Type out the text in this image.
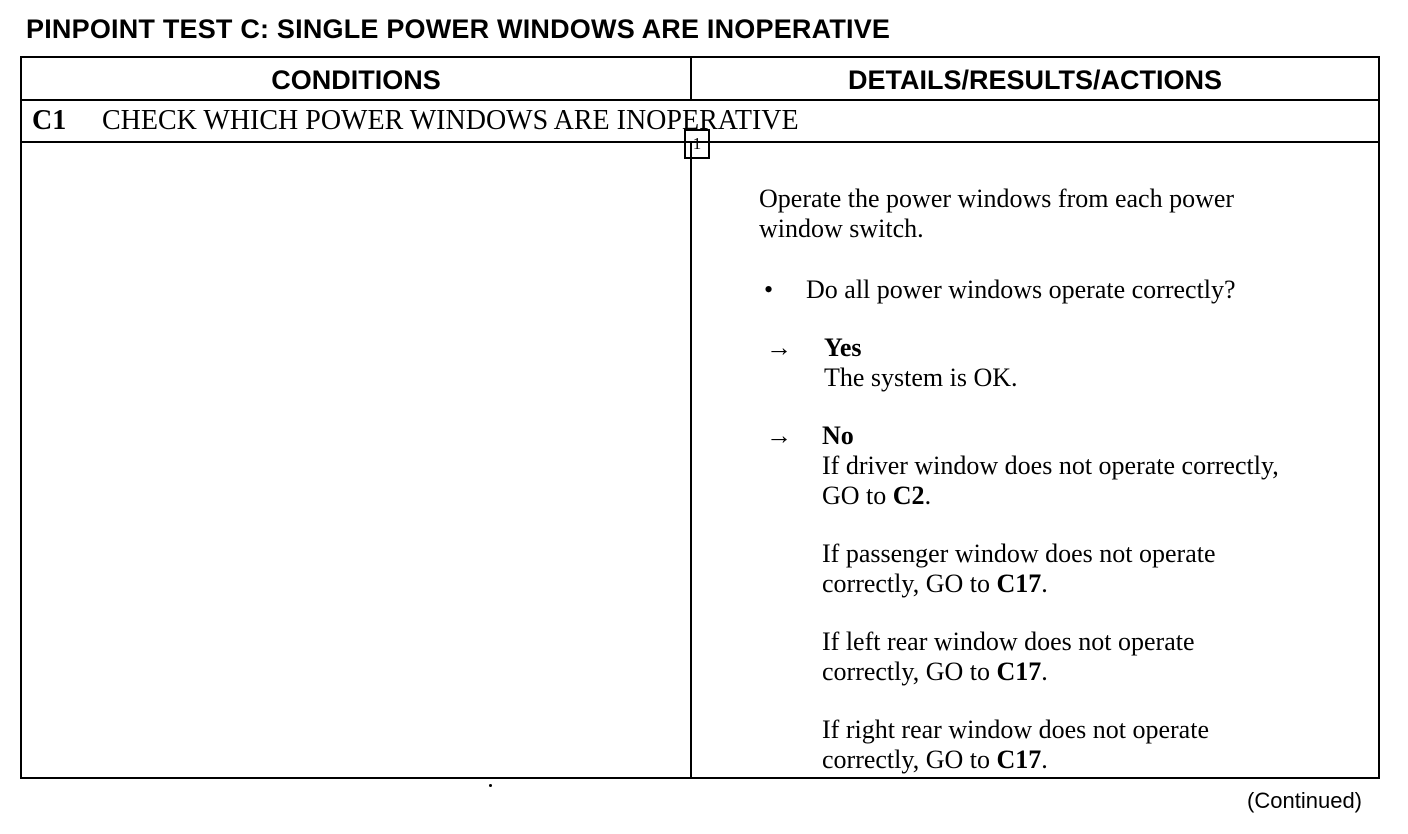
PINPOINT TEST C: SINGLE POWER WINDOWS ARE INOPERATIVE
CONDITIONS	DETAILS/RESULTS/ACTIONS
C1 CHECK WHICH POWER WINDOWS ARE INOPERATIVE
1
Operate the power windows from each power
window switch.
• Do all power windows operate correctly?
→ Yes
The system is OK.
→ No
If driver window does not operate correctly,
GO to C2.
If passenger window does not operate
correctly, GO to C17.
If left rear window does not operate
correctly, GO to C17.
If right rear window does not operate
correctly, GO to C17.
(Continued)
